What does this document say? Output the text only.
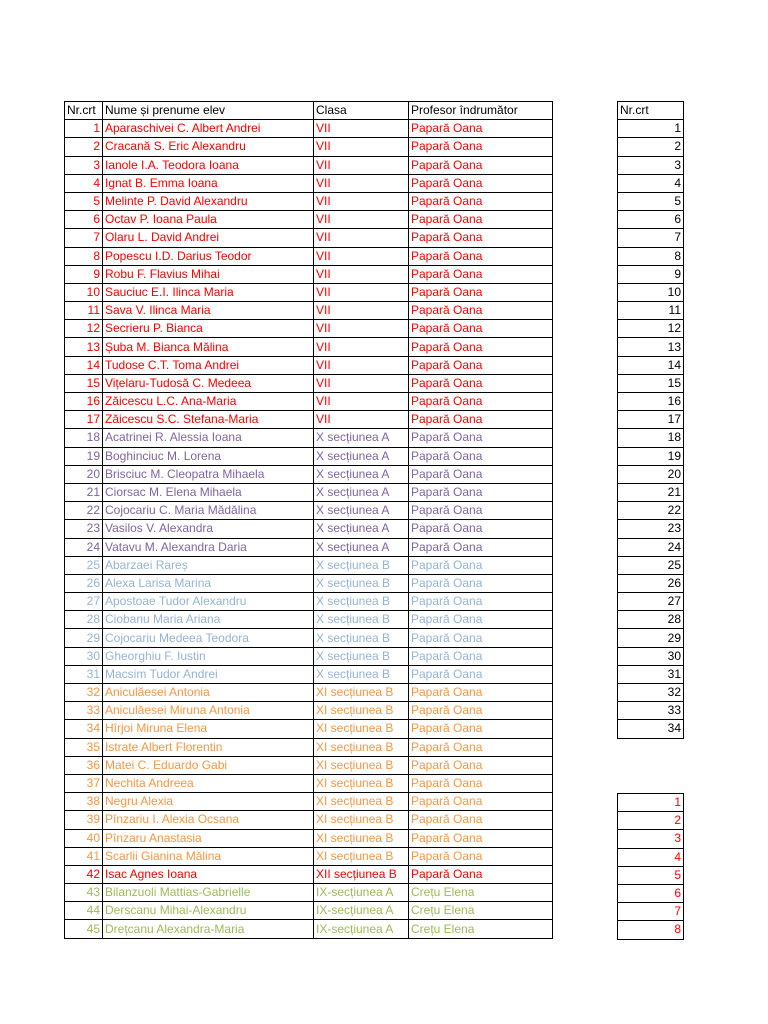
Nr.crt	Nume și prenume elev	Clasa	Profesor îndrumător
1	Aparaschivei C. Albert Andrei	VII	Papară Oana
2	Cracană S. Eric Alexandru	VII	Papară Oana
3	Ianole I.A. Teodora Ioana	VII	Papară Oana
4	Ignat B. Emma Ioana	VII	Papară Oana
5	Melinte P. David Alexandru	VII	Papară Oana
6	Octav P. Ioana Paula	VII	Papară Oana
7	Olaru L. David Andrei	VII	Papară Oana
8	Popescu I.D. Darius Teodor	VII	Papară Oana
9	Robu F. Flavius Mihai	VII	Papară Oana
10	Sauciuc E.I. Ilinca Maria	VII	Papară Oana
11	Sava V. Ilinca Maria	VII	Papară Oana
12	Secrieru P. Bianca	VII	Papară Oana
13	Șuba M. Bianca Mălina	VII	Papară Oana
14	Tudose C.T. Toma Andrei	VII	Papară Oana
15	Vițelaru-Tudosă C. Medeea	VII	Papară Oana
16	Zăicescu L.C. Ana-Maria	VII	Papară Oana
17	Zăicescu S.C. Stefana-Maria	VII	Papară Oana
18	Acatrinei R. Alessia Ioana	X secțiunea A	Papară Oana
19	Boghinciuc M. Lorena	X secțiunea A	Papară Oana
20	Brisciuc M. Cleopatra Mihaela	X secțiunea A	Papară Oana
21	Ciorsac M. Elena Mihaela	X secțiunea A	Papară Oana
22	Cojocariu C. Maria Mădălina	X secțiunea A	Papară Oana
23	Vasilos V. Alexandra	X secțiunea A	Papară Oana
24	Vatavu M. Alexandra Daria	X secțiunea A	Papară Oana
25	Abarzaei Rareș	X secțiunea B	Papară Oana
26	Alexa Larisa Marina	X secțiunea B	Papară Oana
27	Apostoae Tudor Alexandru	X secțiunea B	Papară Oana
28	Ciobanu Maria Ariana	X secțiunea B	Papară Oana
29	Cojocariu Medeea Teodora	X secțiunea B	Papară Oana
30	Gheorghiu F. Iustin	X secțiunea B	Papară Oana
31	Macsim Tudor Andrei	X secțiunea B	Papară Oana
32	Aniculăesei Antonia	XI secțiunea B	Papară Oana
33	Aniculăesei Miruna Antonia	XI secțiunea B	Papară Oana
34	Hîrjoi Miruna Elena	XI secțiunea B	Papară Oana
35	Istrate Albert Florentin	XI secțiunea B	Papară Oana
36	Matei C. Eduardo Gabi	XI secțiunea B	Papară Oana
37	Nechita Andreea	XI secțiunea B	Papară Oana
38	Negru Alexia	XI secțiunea B	Papară Oana
39	Pînzariu I. Alexia Ocsana	XI secțiunea B	Papară Oana
40	Pînzaru Anastasia	XI secțiunea B	Papară Oana
41	Scarlii Gianina Mălina	XI secțiunea B	Papară Oana
42	Isac Agnes Ioana	XII secțiunea B	Papară Oana
43	Bilanzuoli Mattias-Gabrielle	IX-secțiunea A	Crețu Elena
44	Derscanu Mihai-Alexandru	IX-secțiunea A	Crețu Elena
45	Drețcanu Alexandra-Maria	IX-secțiunea A	Crețu Elena
Nr.crt
1
2
3
4
5
6
7
8
9
10
11
12
13
14
15
16
17
18
19
20
21
22
23
24
25
26
27
28
29
30
31
32
33
34
1
2
3
4
5
6
7
8
